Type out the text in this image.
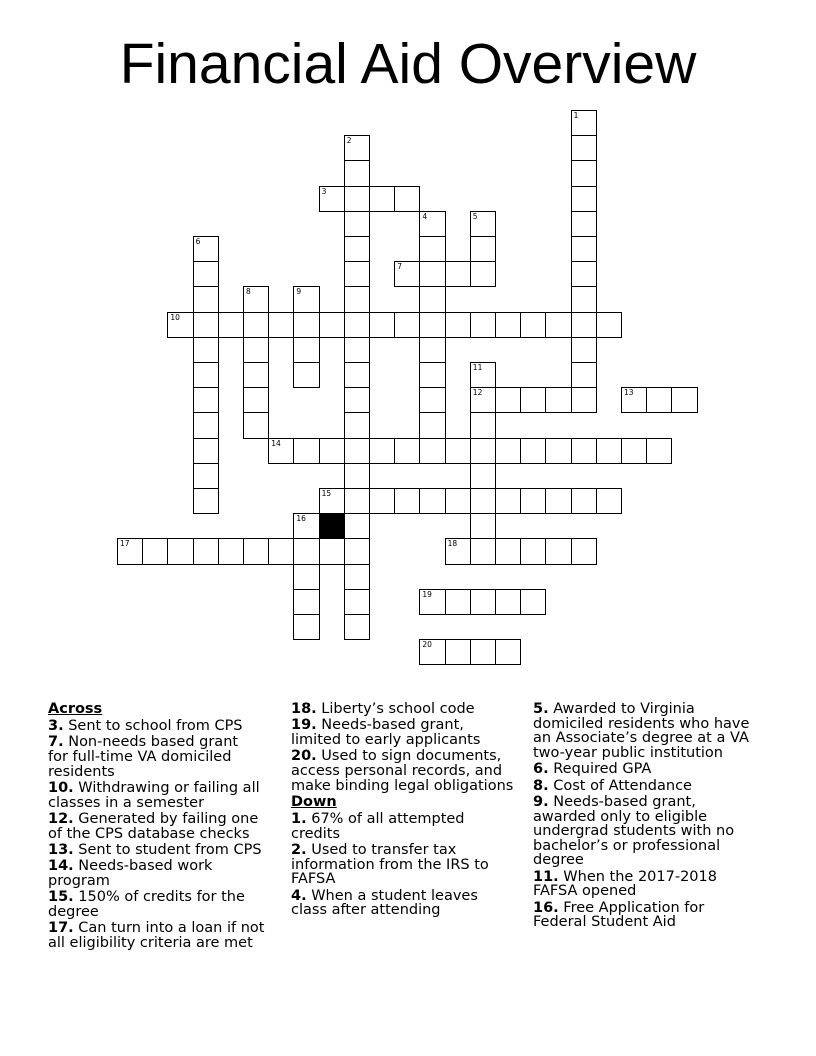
Financial Aid Overview
1
2
3
4	5
6
7
8	9
10
11
12	13
14
15
16
17	18
19
20
Across
3. Sent to school from CPS
7. Non-needs based grant
for full-time VA domiciled
residents
10. Withdrawing or failing all
classes in a semester
12. Generated by failing one
of the CPS database checks
13. Sent to student from CPS
14. Needs-based work
program
15. 150% of credits for the
degree
17. Can turn into a loan if not
all eligibility criteria are met
18. Liberty’s school code
19. Needs-based grant,
limited to early applicants
20. Used to sign documents,
access personal records, and
make binding legal obligations
Down
1. 67% of all attempted
credits
2. Used to transfer tax
information from the IRS to
FAFSA
4. When a student leaves
class after attending
5. Awarded to Virginia
domiciled residents who have
an Associate’s degree at a VA
two-year public institution
6. Required GPA
8. Cost of Attendance
9. Needs-based grant,
awarded only to eligible
undergrad students with no
bachelor’s or professional
degree
11. When the 2017-2018
FAFSA opened
16. Free Application for
Federal Student Aid
